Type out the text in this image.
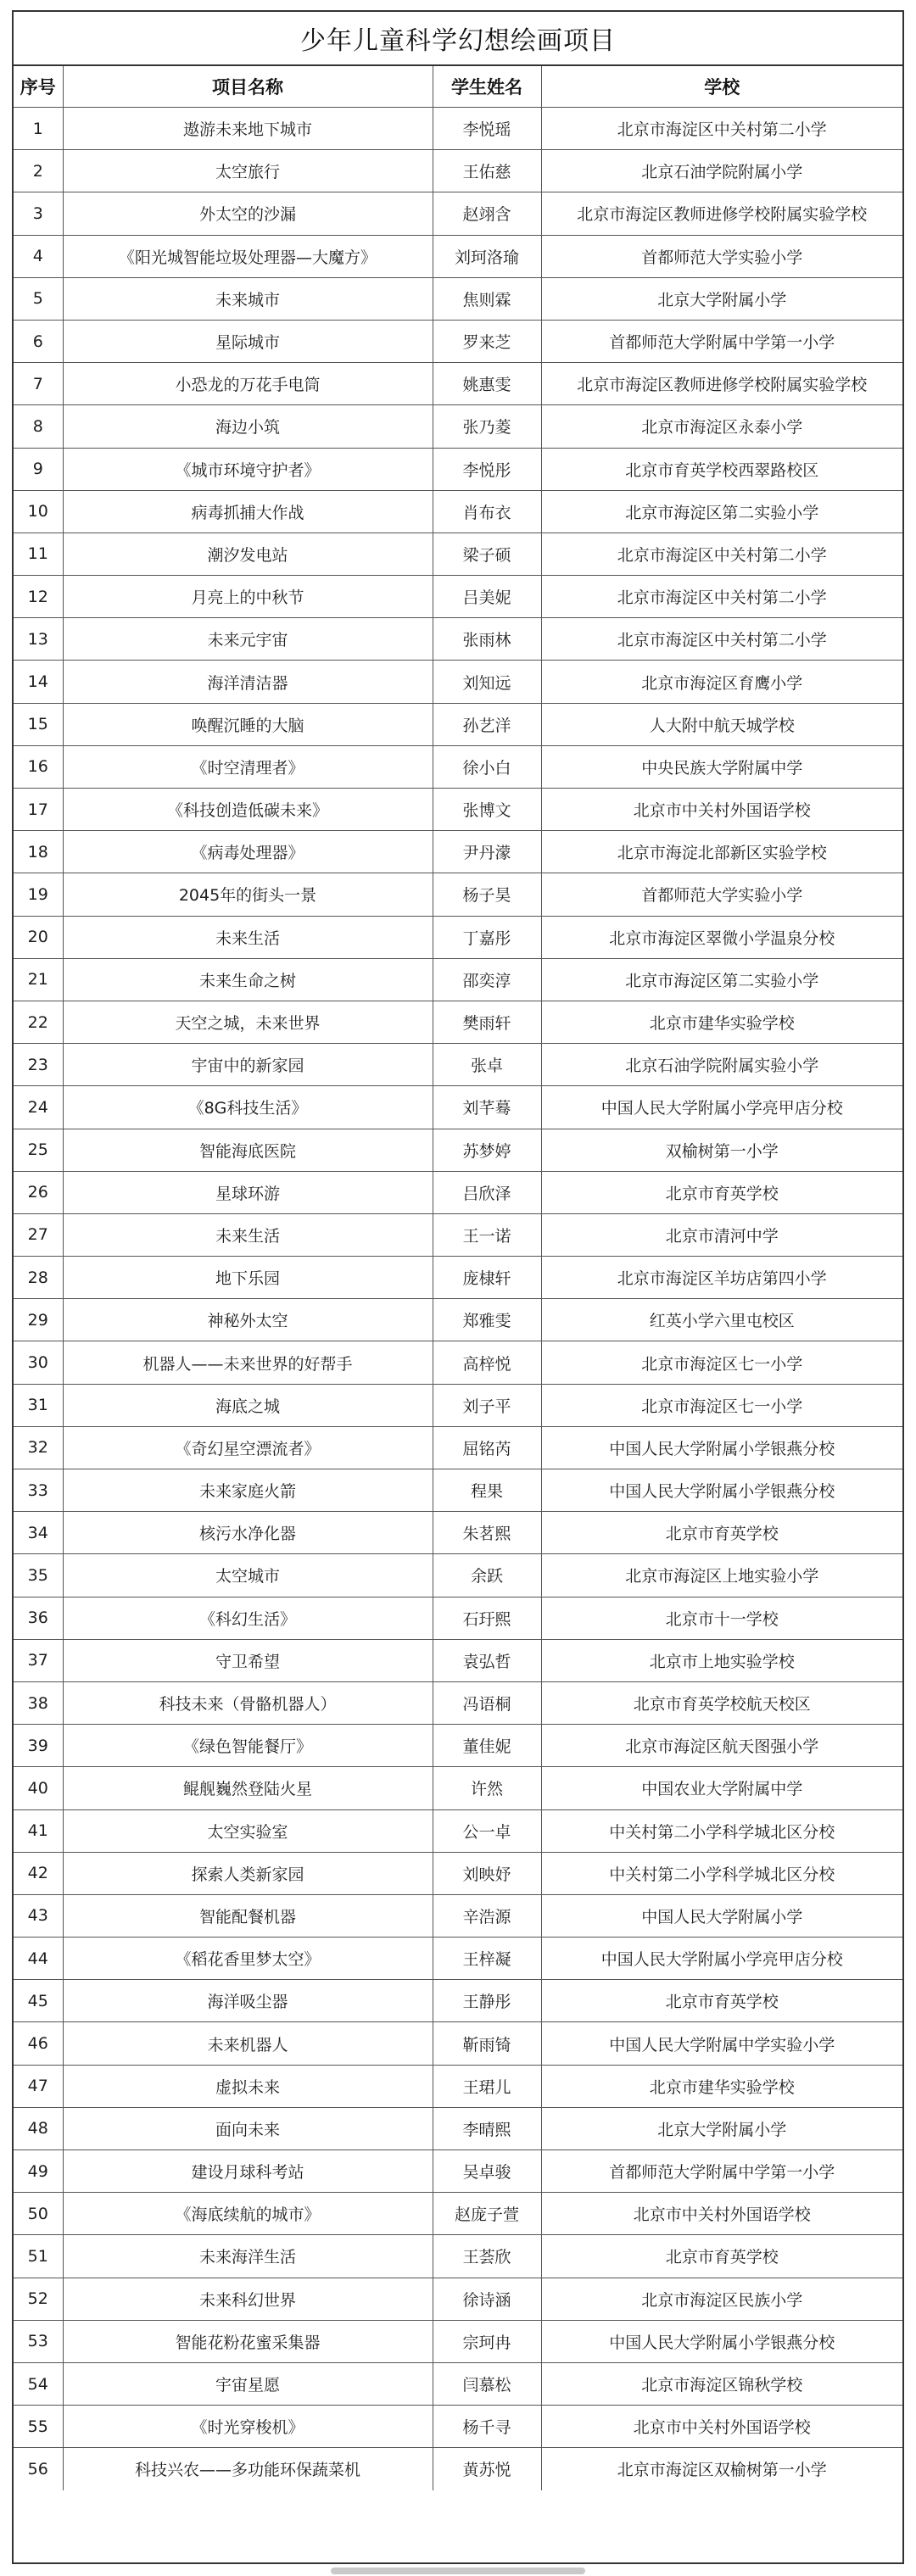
少年儿童科学幻想绘画项目
序号	项目名称	学生姓名	学校
1	遨游未来地下城市	李悦瑶	北京市海淀区中关村第二小学
2	太空旅行	王佑慈	北京石油学院附属小学
3	外太空的沙漏	赵翊含	北京市海淀区教师进修学校附属实验学校
4	《阳光城智能垃圾处理器—大魔方》	刘珂洛瑜	首都师范大学实验小学
5	未来城市	焦则霖	北京大学附属小学
6	星际城市	罗来芝	首都师范大学附属中学第一小学
7	小恐龙的万花手电筒	姚惠雯	北京市海淀区教师进修学校附属实验学校
8	海边小筑	张乃菱	北京市海淀区永泰小学
9	《城市环境守护者》	李悦彤	北京市育英学校西翠路校区
10	病毒抓捕大作战	肖布衣	北京市海淀区第二实验小学
11	潮汐发电站	梁子硕	北京市海淀区中关村第二小学
12	月亮上的中秋节	吕美妮	北京市海淀区中关村第二小学
13	未来元宇宙	张雨林	北京市海淀区中关村第二小学
14	海洋清洁器	刘知远	北京市海淀区育鹰小学
15	唤醒沉睡的大脑	孙艺洋	人大附中航天城学校
16	《时空清理者》	徐小白	中央民族大学附属中学
17	《科技创造低碳未来》	张博文	北京市中关村外国语学校
18	《病毒处理器》	尹丹濛	北京市海淀北部新区实验学校
19	2045年的街头一景	杨子昊	首都师范大学实验小学
20	未来生活	丁嘉彤	北京市海淀区翠微小学温泉分校
21	未来生命之树	邵奕淳	北京市海淀区第二实验小学
22	天空之城，未来世界	樊雨轩	北京市建华实验学校
23	宇宙中的新家园	张卓	北京石油学院附属实验小学
24	《8G科技生活》	刘芊蓦	中国人民大学附属小学亮甲店分校
25	智能海底医院	苏梦婷	双榆树第一小学
26	星球环游	吕欣泽	北京市育英学校
27	未来生活	王一诺	北京市清河中学
28	地下乐园	庞棣轩	北京市海淀区羊坊店第四小学
29	神秘外太空	郑雅雯	红英小学六里屯校区
30	机器人——未来世界的好帮手	高梓悦	北京市海淀区七一小学
31	海底之城	刘子平	北京市海淀区七一小学
32	《奇幻星空漂流者》	屈铭芮	中国人民大学附属小学银燕分校
33	未来家庭火箭	程果	中国人民大学附属小学银燕分校
34	核污水净化器	朱茗熙	北京市育英学校
35	太空城市	余跃	北京市海淀区上地实验小学
36	《科幻生活》	石玗熙	北京市十一学校
37	守卫希望	袁弘哲	北京市上地实验学校
38	科技未来（骨骼机器人）	冯语桐	北京市育英学校航天校区
39	《绿色智能餐厅》	董佳妮	北京市海淀区航天图强小学
40	鲲舰巍然登陆火星	许然	中国农业大学附属中学
41	太空实验室	公一卓	中关村第二小学科学城北区分校
42	探索人类新家园	刘映妤	中关村第二小学科学城北区分校
43	智能配餐机器	辛浩源	中国人民大学附属小学
44	《稻花香里梦太空》	王梓凝	中国人民大学附属小学亮甲店分校
45	海洋吸尘器	王静彤	北京市育英学校
46	未来机器人	靳雨锜	中国人民大学附属中学实验小学
47	虚拟未来	王珺儿	北京市建华实验学校
48	面向未来	李晴熙	北京大学附属小学
49	建设月球科考站	吴卓骏	首都师范大学附属中学第一小学
50	《海底续航的城市》	赵庞子萱	北京市中关村外国语学校
51	未来海洋生活	王荟欣	北京市育英学校
52	未来科幻世界	徐诗涵	北京市海淀区民族小学
53	智能花粉花蜜采集器	宗珂冉	中国人民大学附属小学银燕分校
54	宇宙星愿	闫慕松	北京市海淀区锦秋学校
55	《时光穿梭机》	杨千寻	北京市中关村外国语学校
56	科技兴农——多功能环保蔬菜机	黄苏悦	北京市海淀区双榆树第一小学
